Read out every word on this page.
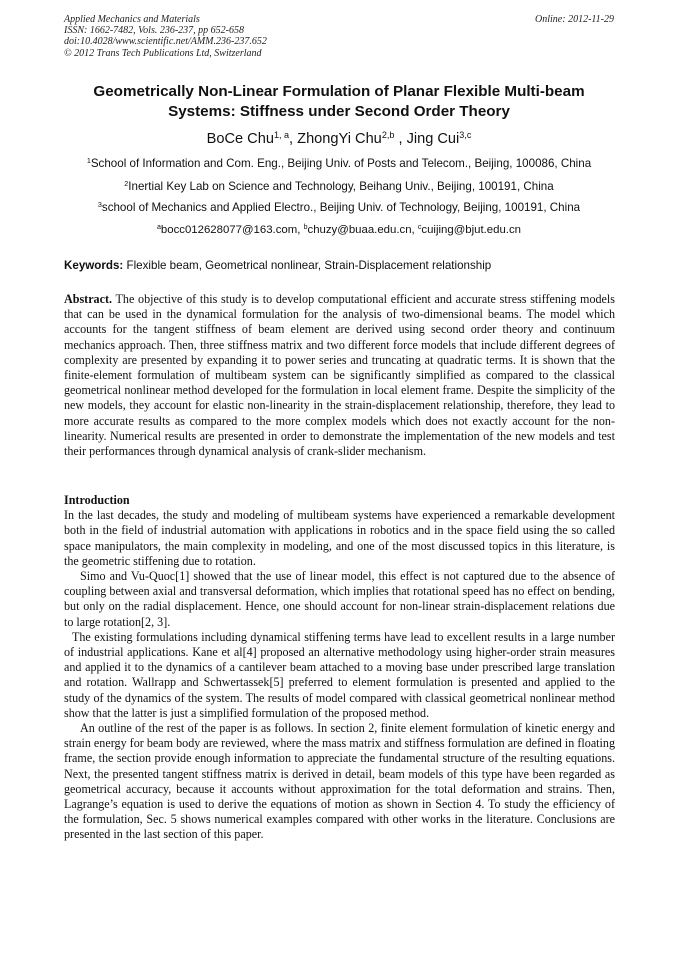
Applied Mechanics and Materials
ISSN: 1662-7482, Vols. 236-237, pp 652-658
doi:10.4028/www.scientific.net/AMM.236-237.652
© 2012 Trans Tech Publications Ltd, Switzerland
Online: 2012-11-29
Geometrically Non-Linear Formulation of Planar Flexible Multi-beam
Systems: Stiffness under Second Order Theory
BoCe Chu$^{1, a}$, ZhongYi Chu$^{2,b}$ , Jing Cui$^{3,c}$
$^1$School of Information and Com. Eng., Beijing Univ. of Posts and Telecom., Beijing, 100086, China
$^2$Inertial Key Lab on Science and Technology, Beihang Univ., Beijing, 100191, China
$^3$school of Mechanics and Applied Electro., Beijing Univ. of Technology, Beijing, 100191, China
$^a$bocc012628077@163.com, $^b$chuzy@buaa.edu.cn, $^c$cuijing@bjut.edu.cn
Keywords: Flexible beam, Geometrical nonlinear, Strain-Displacement relationship

Abstract. The objective of this study is to develop computational efficient and accurate stress stiffening models that can be used in the dynamical formulation for the analysis of two-dimensional beams. The model which accounts for the tangent stiffness of beam element are derived using second order theory and continuum mechanics approach. Then, three stiffness matrix and two different force models that include different degrees of complexity are presented by expanding it to power series and truncating at quadratic terms. It is shown that the finite-element formulation of multibeam system can be significantly simplified as compared to the classical geometrical nonlinear method developed for the formulation in local element frame. Despite the simplicity of the new models, they account for elastic non-linearity in the strain-displacement relationship, therefore, they lead to more accurate results as compared to the more complex models which does not exactly account for the non-linearity. Numerical results are presented in order to demonstrate the implementation of the new models and test their performances through dynamical analysis of crank-slider mechanism.

Introduction

In the last decades, the study and modeling of multibeam systems have experienced a remarkable development both in the field of industrial automation with applications in robotics and in the space field using the so called space manipulators, the main complexity in modeling, and one of the most discussed topics in this literature, is the geometric stiffening due to rotation.

Simo and Vu-Quoc[1] showed that the use of linear model, this effect is not captured due to the absence of coupling between axial and transversal deformation, which implies that rotational speed has no effect on bending, but only on the radial displacement. Hence, one should account for non-linear strain-displacement relations due to large rotation[2, 3].

The existing formulations including dynamical stiffening terms have lead to excellent results in a large number of industrial applications. Kane et al[4] proposed an alternative methodology using higher-order strain measures and applied it to the dynamics of a cantilever beam attached to a moving base under prescribed large translation and rotation. Wallrapp and Schwertassek[5] preferred to element formulation is presented and applied to the study of the dynamics of the system. The results of model compared with classical geometrical nonlinear method show that the latter is just a simplified formulation of the proposed method.

An outline of the rest of the paper is as follows. In section 2, finite element formulation of kinetic energy and strain energy for beam body are reviewed, where the mass matrix and stiffness formulation are defined in floating frame, the section provide enough information to appreciate the fundamental structure of the resulting equations. Next, the presented tangent stiffness matrix is derived in detail, beam models of this type have been regarded as geometrical accuracy, because it accounts without approximation for the total deformation and strains. Then, Lagrange’s equation is used to derive the equations of motion as shown in Section 4. To study the efficiency of the formulation, Sec. 5 shows numerical examples compared with other works in the literature. Conclusions are presented in the last section of this paper.
